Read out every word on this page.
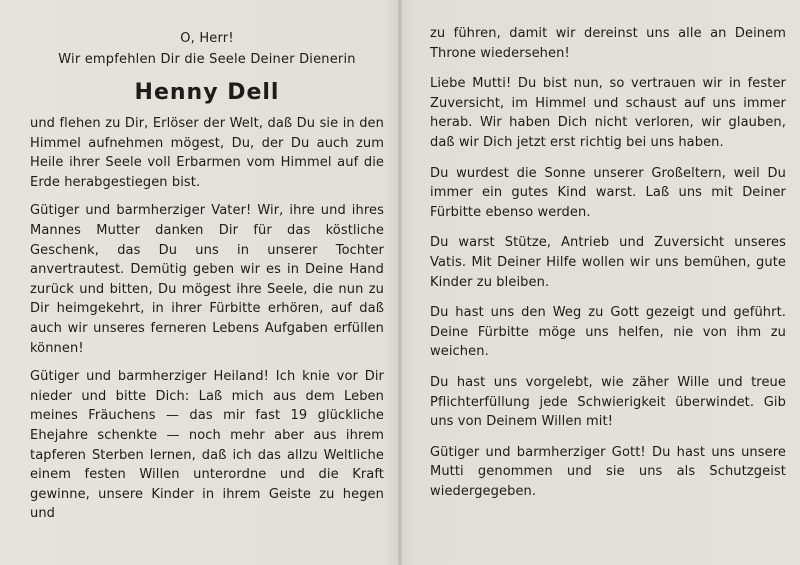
O, Herr!
Wir empfehlen Dir die Seele Deiner Dienerin
Henny Dell

und flehen zu Dir, Erlöser der Welt, daß Du sie in den Himmel aufnehmen mögest, Du, der Du auch zum Heile ihrer Seele voll Erbarmen vom Himmel auf die Erde herabgestiegen bist.

Gütiger und barmherziger Vater! Wir, ihre und ihres Mannes Mutter danken Dir für das köstliche Geschenk, das Du uns in unserer Tochter anvertrautest. Demütig geben wir es in Deine Hand zurück und bitten, Du mögest ihre Seele, die nun zu Dir heimgekehrt, in ihrer Fürbitte erhören, auf daß auch wir unseres ferneren Lebens Aufgaben erfüllen können!

Gütiger und barmherziger Heiland! Ich knie vor Dir nieder und bitte Dich: Laß mich aus dem Leben meines Fräuchens — das mir fast 19 glückliche Ehejahre schenkte — noch mehr aber aus ihrem tapferen Sterben lernen, daß ich das allzu Weltliche einem festen Willen unterordne und die Kraft gewinne, unsere Kinder in ihrem Geiste zu hegen und

zu führen, damit wir dereinst uns alle an Deinem Throne wiedersehen!

Liebe Mutti! Du bist nun, so vertrauen wir in fester Zuversicht, im Himmel und schaust auf uns immer herab. Wir haben Dich nicht verloren, wir glauben, daß wir Dich jetzt erst richtig bei uns haben.

Du wurdest die Sonne unserer Großeltern, weil Du immer ein gutes Kind warst. Laß uns mit Deiner Fürbitte ebenso werden.

Du warst Stütze, Antrieb und Zuversicht unseres Vatis. Mit Deiner Hilfe wollen wir uns bemühen, gute Kinder zu bleiben.

Du hast uns den Weg zu Gott gezeigt und geführt. Deine Fürbitte möge uns helfen, nie von ihm zu weichen.

Du hast uns vorgelebt, wie zäher Wille und treue Pflichterfüllung jede Schwierigkeit überwindet. Gib uns von Deinem Willen mit!

Gütiger und barmherziger Gott! Du hast uns unsere Mutti genommen und sie uns als Schutzgeist wiedergegeben.
